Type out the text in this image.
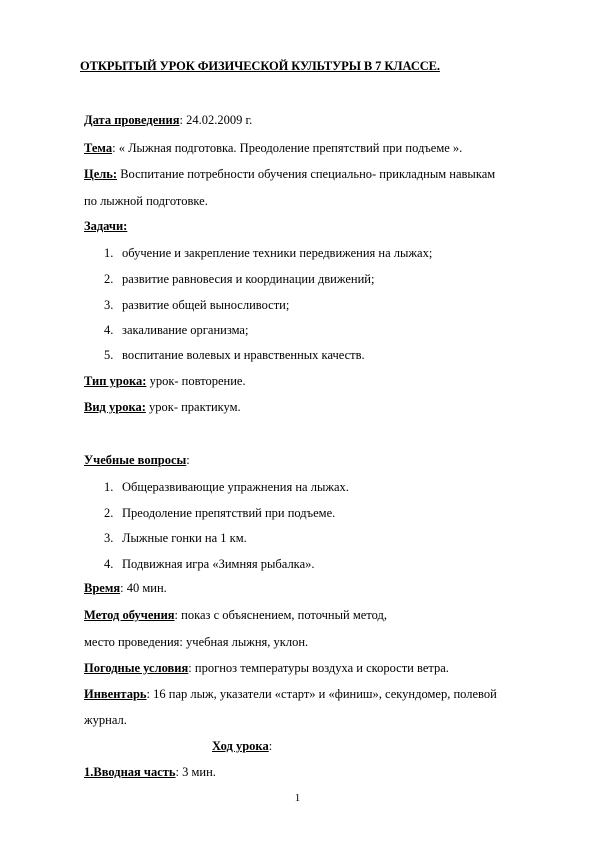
ОТКРЫТЫЙ УРОК ФИЗИЧЕСКОЙ КУЛЬТУРЫ В 7 КЛАССЕ.
Дата проведения: 24.02.2009 г.
Тема: « Лыжная подготовка. Преодоление препятствий при подъеме ».
Цель: Воспитание потребности обучения специально- прикладным навыкам
по лыжной подготовке.
Задачи:
1. обучение и закрепление техники передвижения на лыжах;
2. развитие равновесия и координации движений;
3. развитие общей выносливости;
4. закаливание организма;
5. воспитание волевых и нравственных качеств.
Тип урока: урок- повторение.
Вид урока: урок- практикум.
Учебные вопросы:
1. Общеразвивающие упражнения на лыжах.
2. Преодоление препятствий при подъеме.
3. Лыжные гонки на 1 км.
4. Подвижная игра «Зимняя рыбалка».
Время: 40 мин.
Метод обучения: показ с объяснением, поточный метод,
место проведения: учебная лыжня, уклон.
Погодные условия: прогноз температуры воздуха и скорости ветра.
Инвентарь: 16 пар лыж, указатели «старт» и «финиш», секундомер, полевой
журнал.
Ход урока:
1.Вводная часть: 3 мин.
1
